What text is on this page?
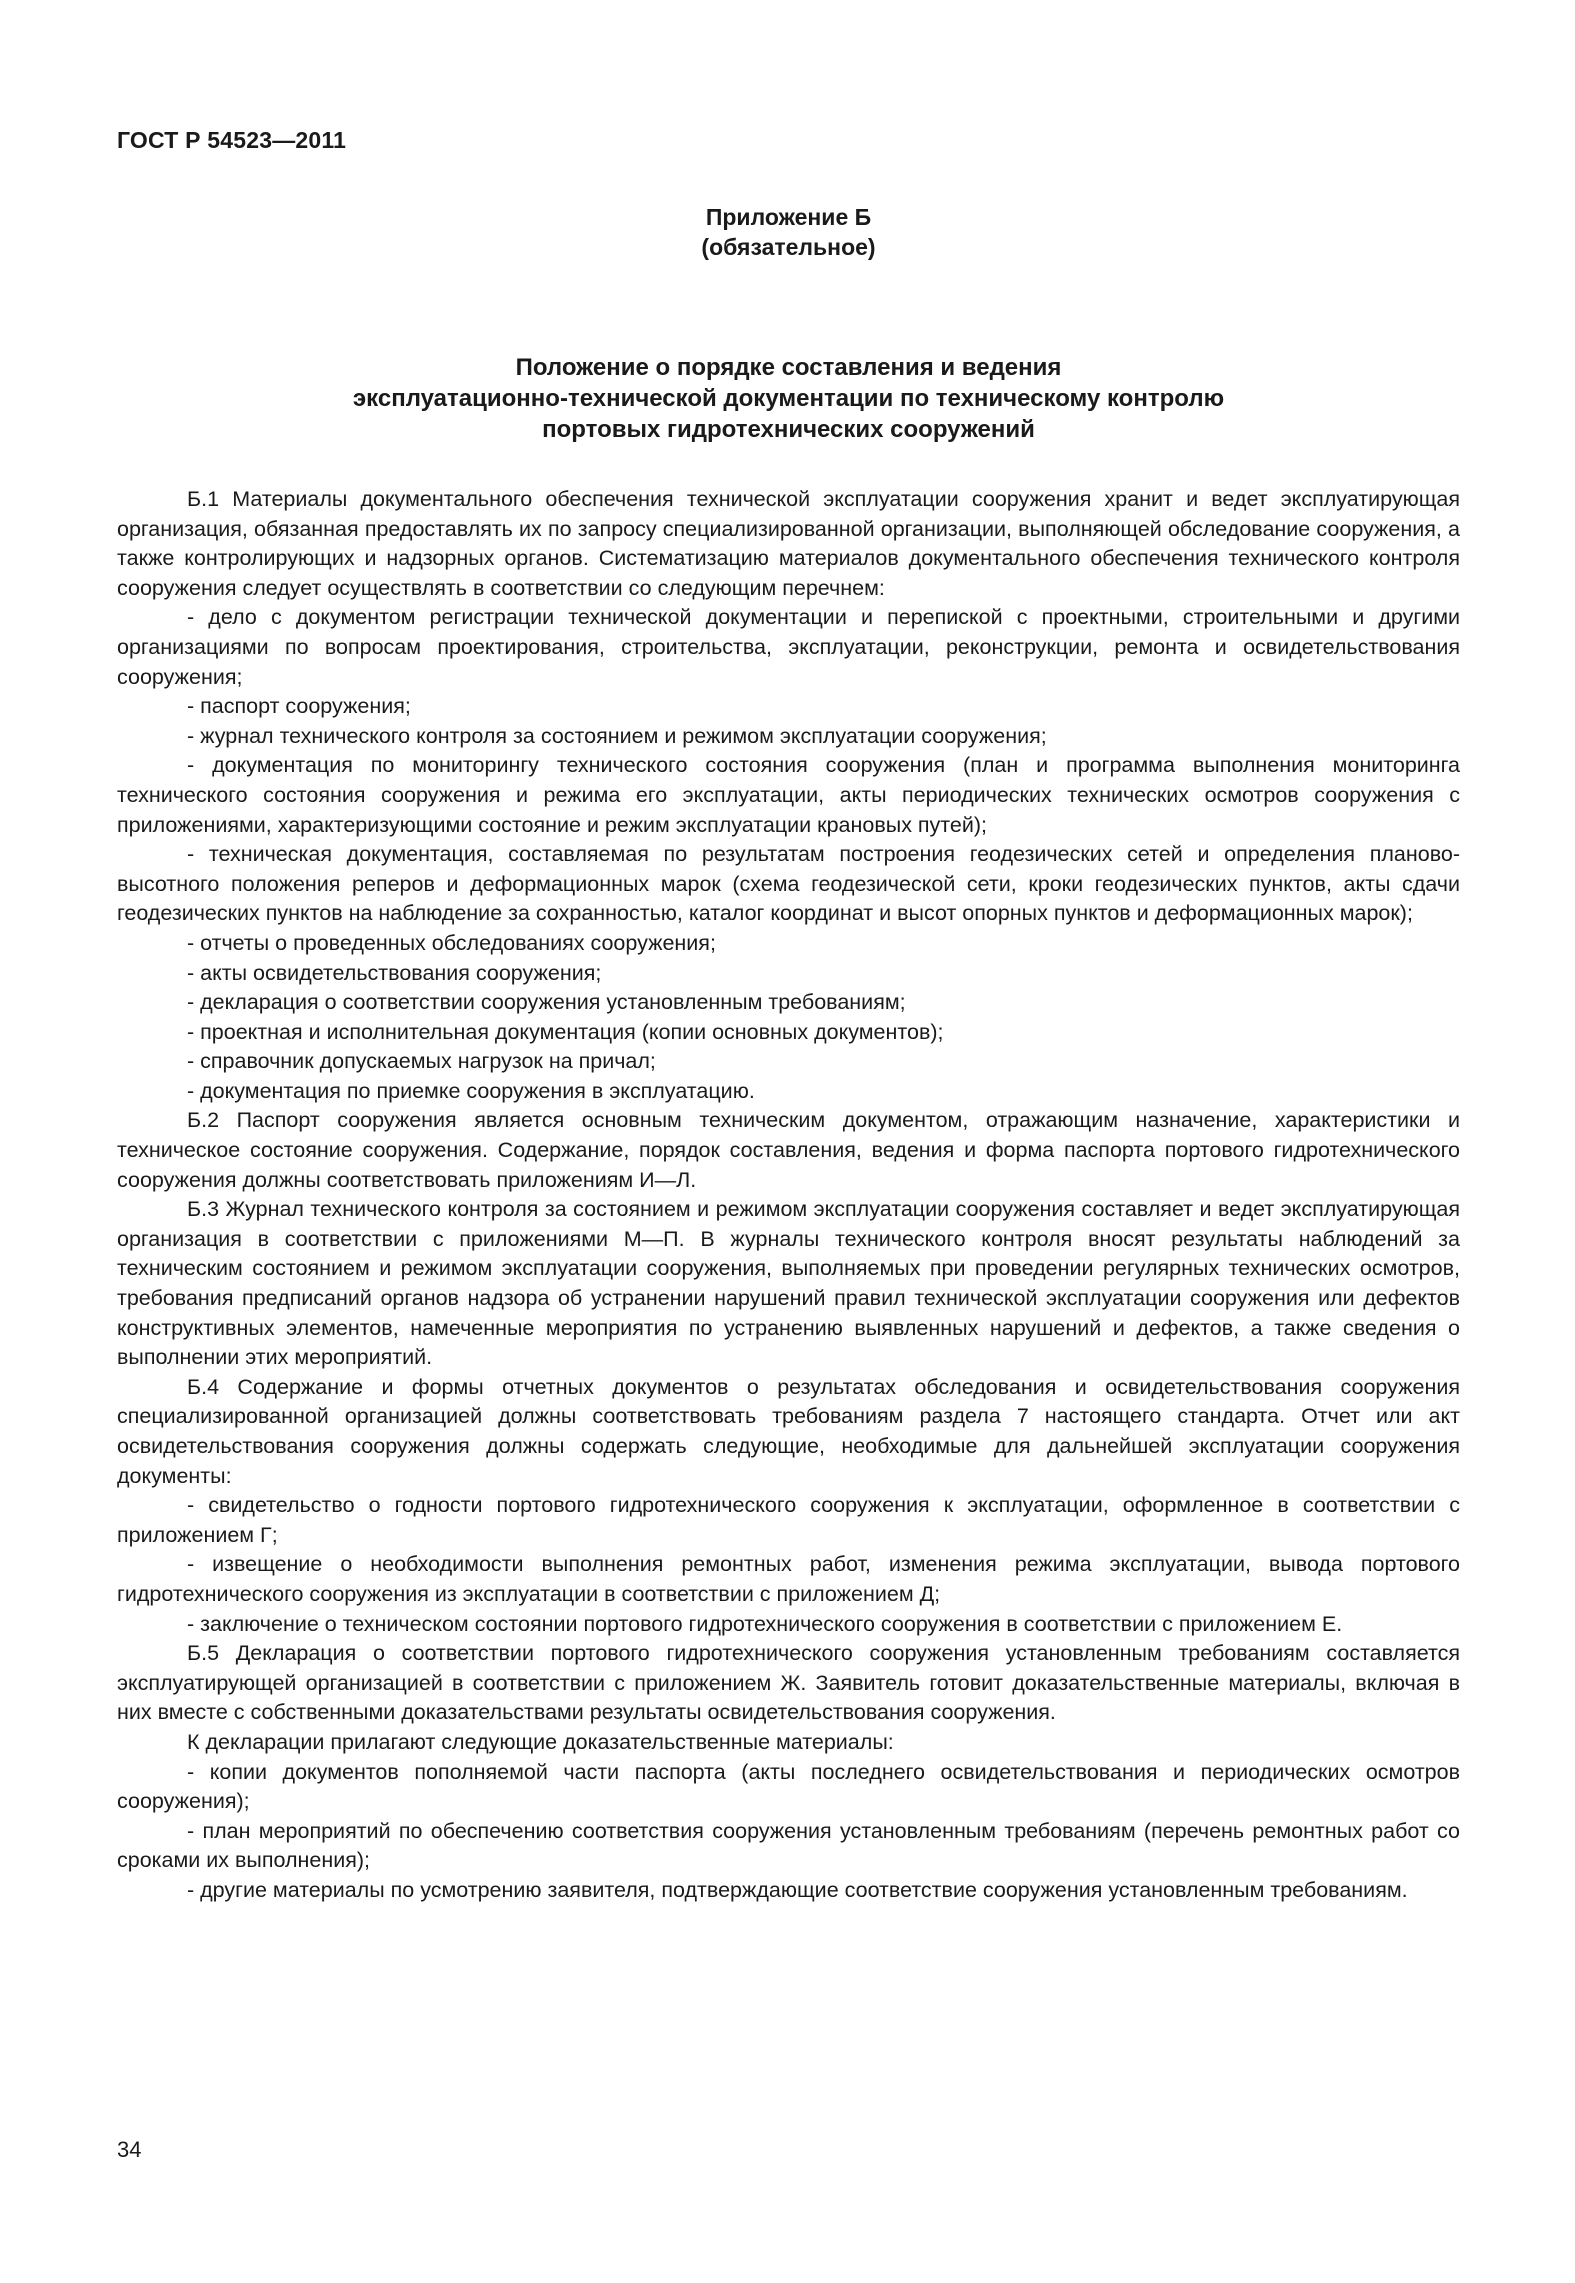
ГОСТ Р 54523—2011
Приложение Б
(обязательное)
Положение о порядке составления и ведения
эксплуатационно-технической документации по техническому контролю
портовых гидротехнических сооружений

Б.1 Материалы документального обеспечения технической эксплуатации сооружения хранит и ведет эксплуатирующая организация, обязанная предоставлять их по запросу специализированной организации, выполняющей обследование сооружения, а также контролирующих и надзорных органов. Систематизацию материалов документального обеспечения технического контроля сооружения следует осуществлять в соответствии со следующим перечнем:

- дело с документом регистрации технической документации и перепиской с проектными, строительными и другими организациями по вопросам проектирования, строительства, эксплуатации, реконструкции, ремонта и освидетельствования сооружения;

- паспорт сооружения;

- журнал технического контроля за состоянием и режимом эксплуатации сооружения;

- документация по мониторингу технического состояния сооружения (план и программа выполнения мониторинга технического состояния сооружения и режима его эксплуатации, акты периодических технических осмотров сооружения с приложениями, характеризующими состояние и режим эксплуатации крановых путей);

- техническая документация, составляемая по результатам построения геодезических сетей и определения планово-высотного положения реперов и деформационных марок (схема геодезической сети, кроки геодезических пунктов, акты сдачи геодезических пунктов на наблюдение за сохранностью, каталог координат и высот опорных пунктов и деформационных марок);

- отчеты о проведенных обследованиях сооружения;

- акты освидетельствования сооружения;

- декларация о соответствии сооружения установленным требованиям;

- проектная и исполнительная документация (копии основных документов);

- справочник допускаемых нагрузок на причал;

- документация по приемке сооружения в эксплуатацию.

Б.2 Паспорт сооружения является основным техническим документом, отражающим назначение, характеристики и техническое состояние сооружения. Содержание, порядок составления, ведения и форма паспорта портового гидротехнического сооружения должны соответствовать приложениям И—Л.

Б.3 Журнал технического контроля за состоянием и режимом эксплуатации сооружения составляет и ведет эксплуатирующая организация в соответствии с приложениями М—П. В журналы технического контроля вносят результаты наблюдений за техническим состоянием и режимом эксплуатации сооружения, выполняемых при проведении регулярных технических осмотров, требования предписаний органов надзора об устранении нарушений правил технической эксплуатации сооружения или дефектов конструктивных элементов, намеченные мероприятия по устранению выявленных нарушений и дефектов, а также сведения о выполнении этих мероприятий.

Б.4 Содержание и формы отчетных документов о результатах обследования и освидетельствования сооружения специализированной организацией должны соответствовать требованиям раздела 7 настоящего стандарта. Отчет или акт освидетельствования сооружения должны содержать следующие, необходимые для дальнейшей эксплуатации сооружения документы:

- свидетельство о годности портового гидротехнического сооружения к эксплуатации, оформленное в соответствии с приложением Г;

- извещение о необходимости выполнения ремонтных работ, изменения режима эксплуатации, вывода портового гидротехнического сооружения из эксплуатации в соответствии с приложением Д;

- заключение о техническом состоянии портового гидротехнического сооружения в соответствии с приложением Е.

Б.5 Декларация о соответствии портового гидротехнического сооружения установленным требованиям составляется эксплуатирующей организацией в соответствии с приложением Ж. Заявитель готовит доказательственные материалы, включая в них вместе с собственными доказательствами результаты освидетельствования сооружения.

К декларации прилагают следующие доказательственные материалы:

- копии документов пополняемой части паспорта (акты последнего освидетельствования и периодических осмотров сооружения);

- план мероприятий по обеспечению соответствия сооружения установленным требованиям (перечень ремонтных работ со сроками их выполнения);

- другие материалы по усмотрению заявителя, подтверждающие соответствие сооружения установленным требованиям.

34
